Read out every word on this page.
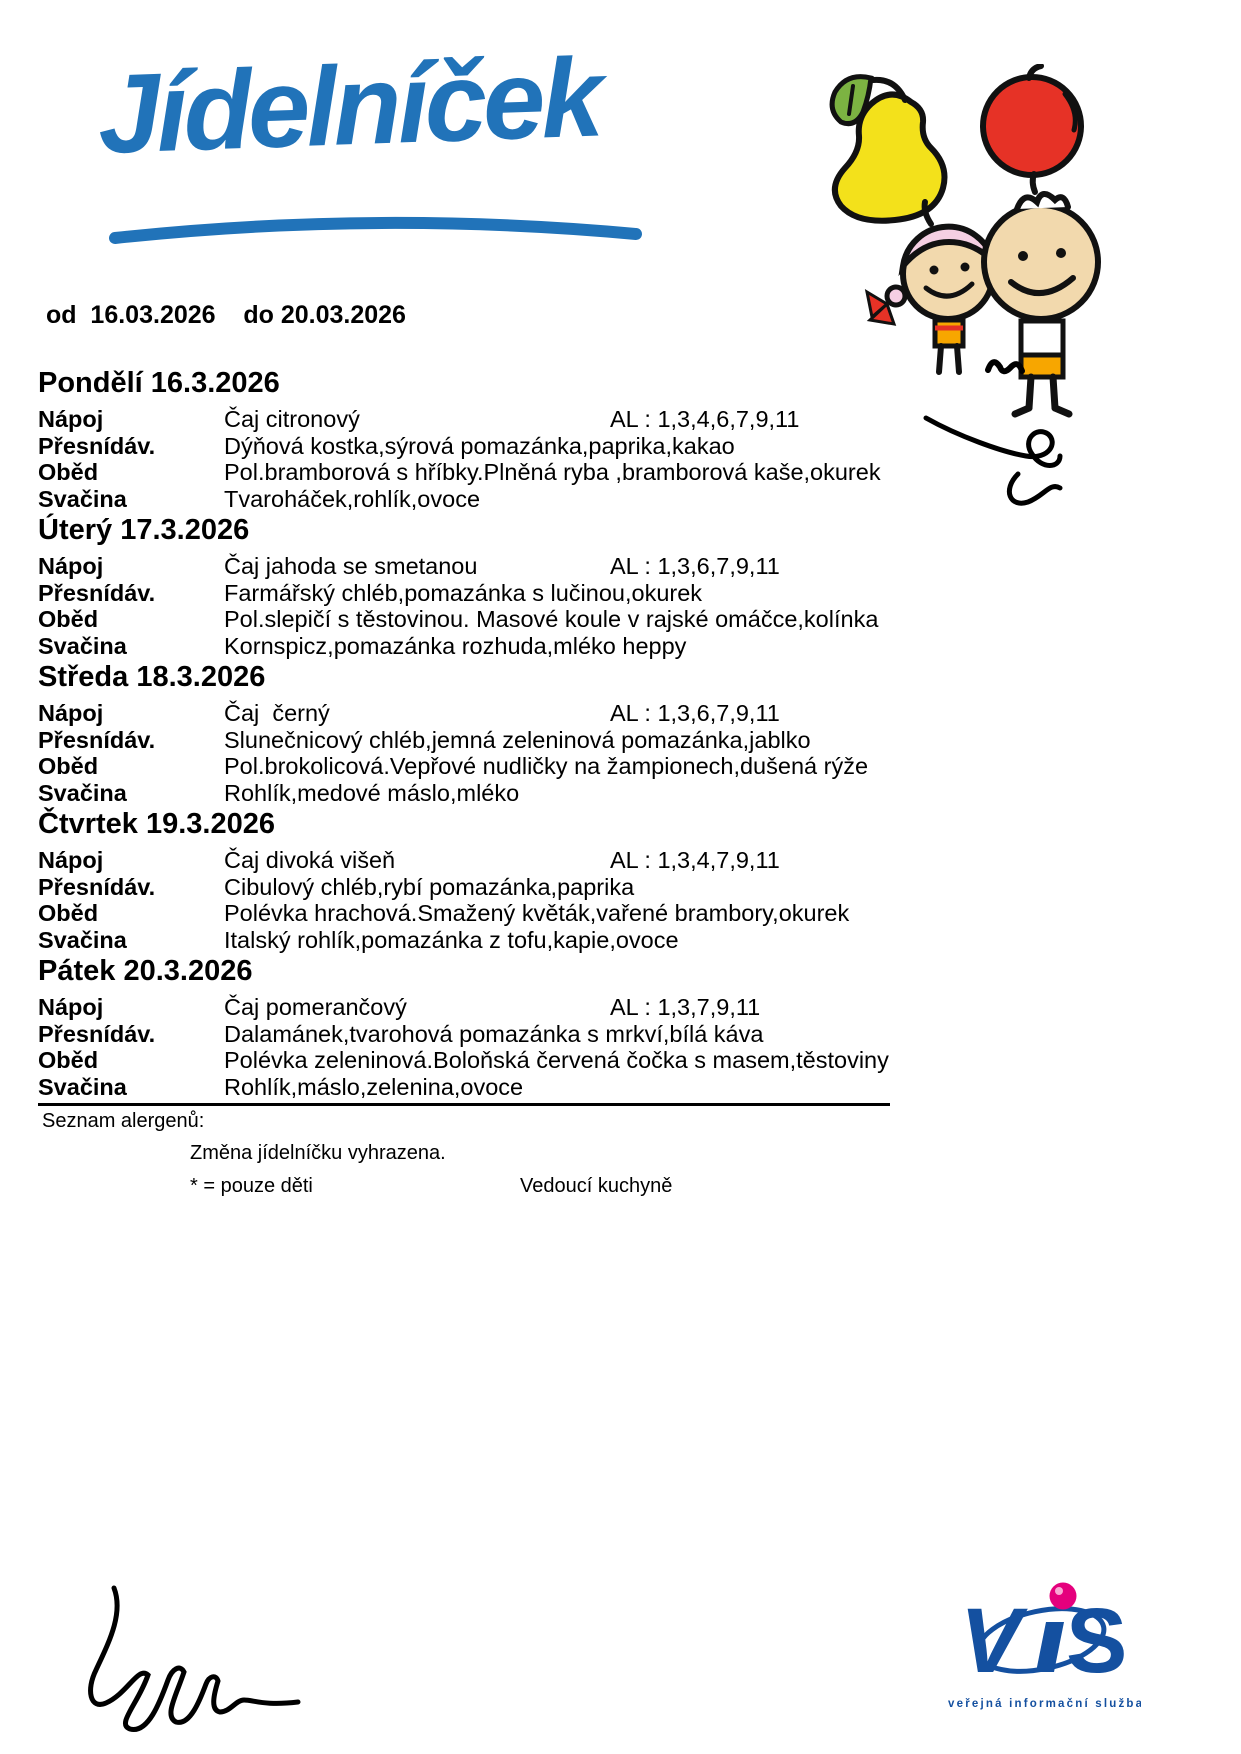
Jídelníček
od  16.03.2026    do 20.03.2026
Pondělí 16.3.2026
Nápoj	Čaj citronový	AL : 1,3,4,6,7,9,11
Přesnídáv.	Dýňová kostka,sýrová pomazánka,paprika,kakao
Oběd	Pol.bramborová s hříbky.Plněná ryba ,bramborová kaše,okurek
Svačina	Tvaroháček,rohlík,ovoce
Úterý 17.3.2026
Nápoj	Čaj jahoda se smetanou	AL : 1,3,6,7,9,11
Přesnídáv.	Farmářský chléb,pomazánka s lučinou,okurek
Oběd	Pol.slepičí s těstovinou. Masové koule v rajské omáčce,kolínka
Svačina	Kornspicz,pomazánka rozhuda,mléko heppy
Středa 18.3.2026
Nápoj	Čaj  černý	AL : 1,3,6,7,9,11
Přesnídáv.	Slunečnicový chléb,jemná zeleninová pomazánka,jablko
Oběd	Pol.brokolicová.Vepřové nudličky na žampionech,dušená rýže
Svačina	Rohlík,medové máslo,mléko
Čtvrtek 19.3.2026
Nápoj	Čaj divoká višeň	AL : 1,3,4,7,9,11
Přesnídáv.	Cibulový chléb,rybí pomazánka,paprika
Oběd	Polévka hrachová.Smažený květák,vařené brambory,okurek
Svačina	Italský rohlík,pomazánka z tofu,kapie,ovoce
Pátek 20.3.2026
Nápoj	Čaj pomerančový	AL : 1,3,7,9,11
Přesnídáv.	Dalamánek,tvarohová pomazánka s mrkví,bílá káva
Oběd	Polévka zeleninová.Boloňská červená čočka s masem,těstoviny
Svačina	Rohlík,máslo,zelenina,ovoce
Seznam alergenů:
Změna jídelníčku vyhrazena.
* = pouze děti	Vedoucí kuchyně
V S
veřejná informační služba
